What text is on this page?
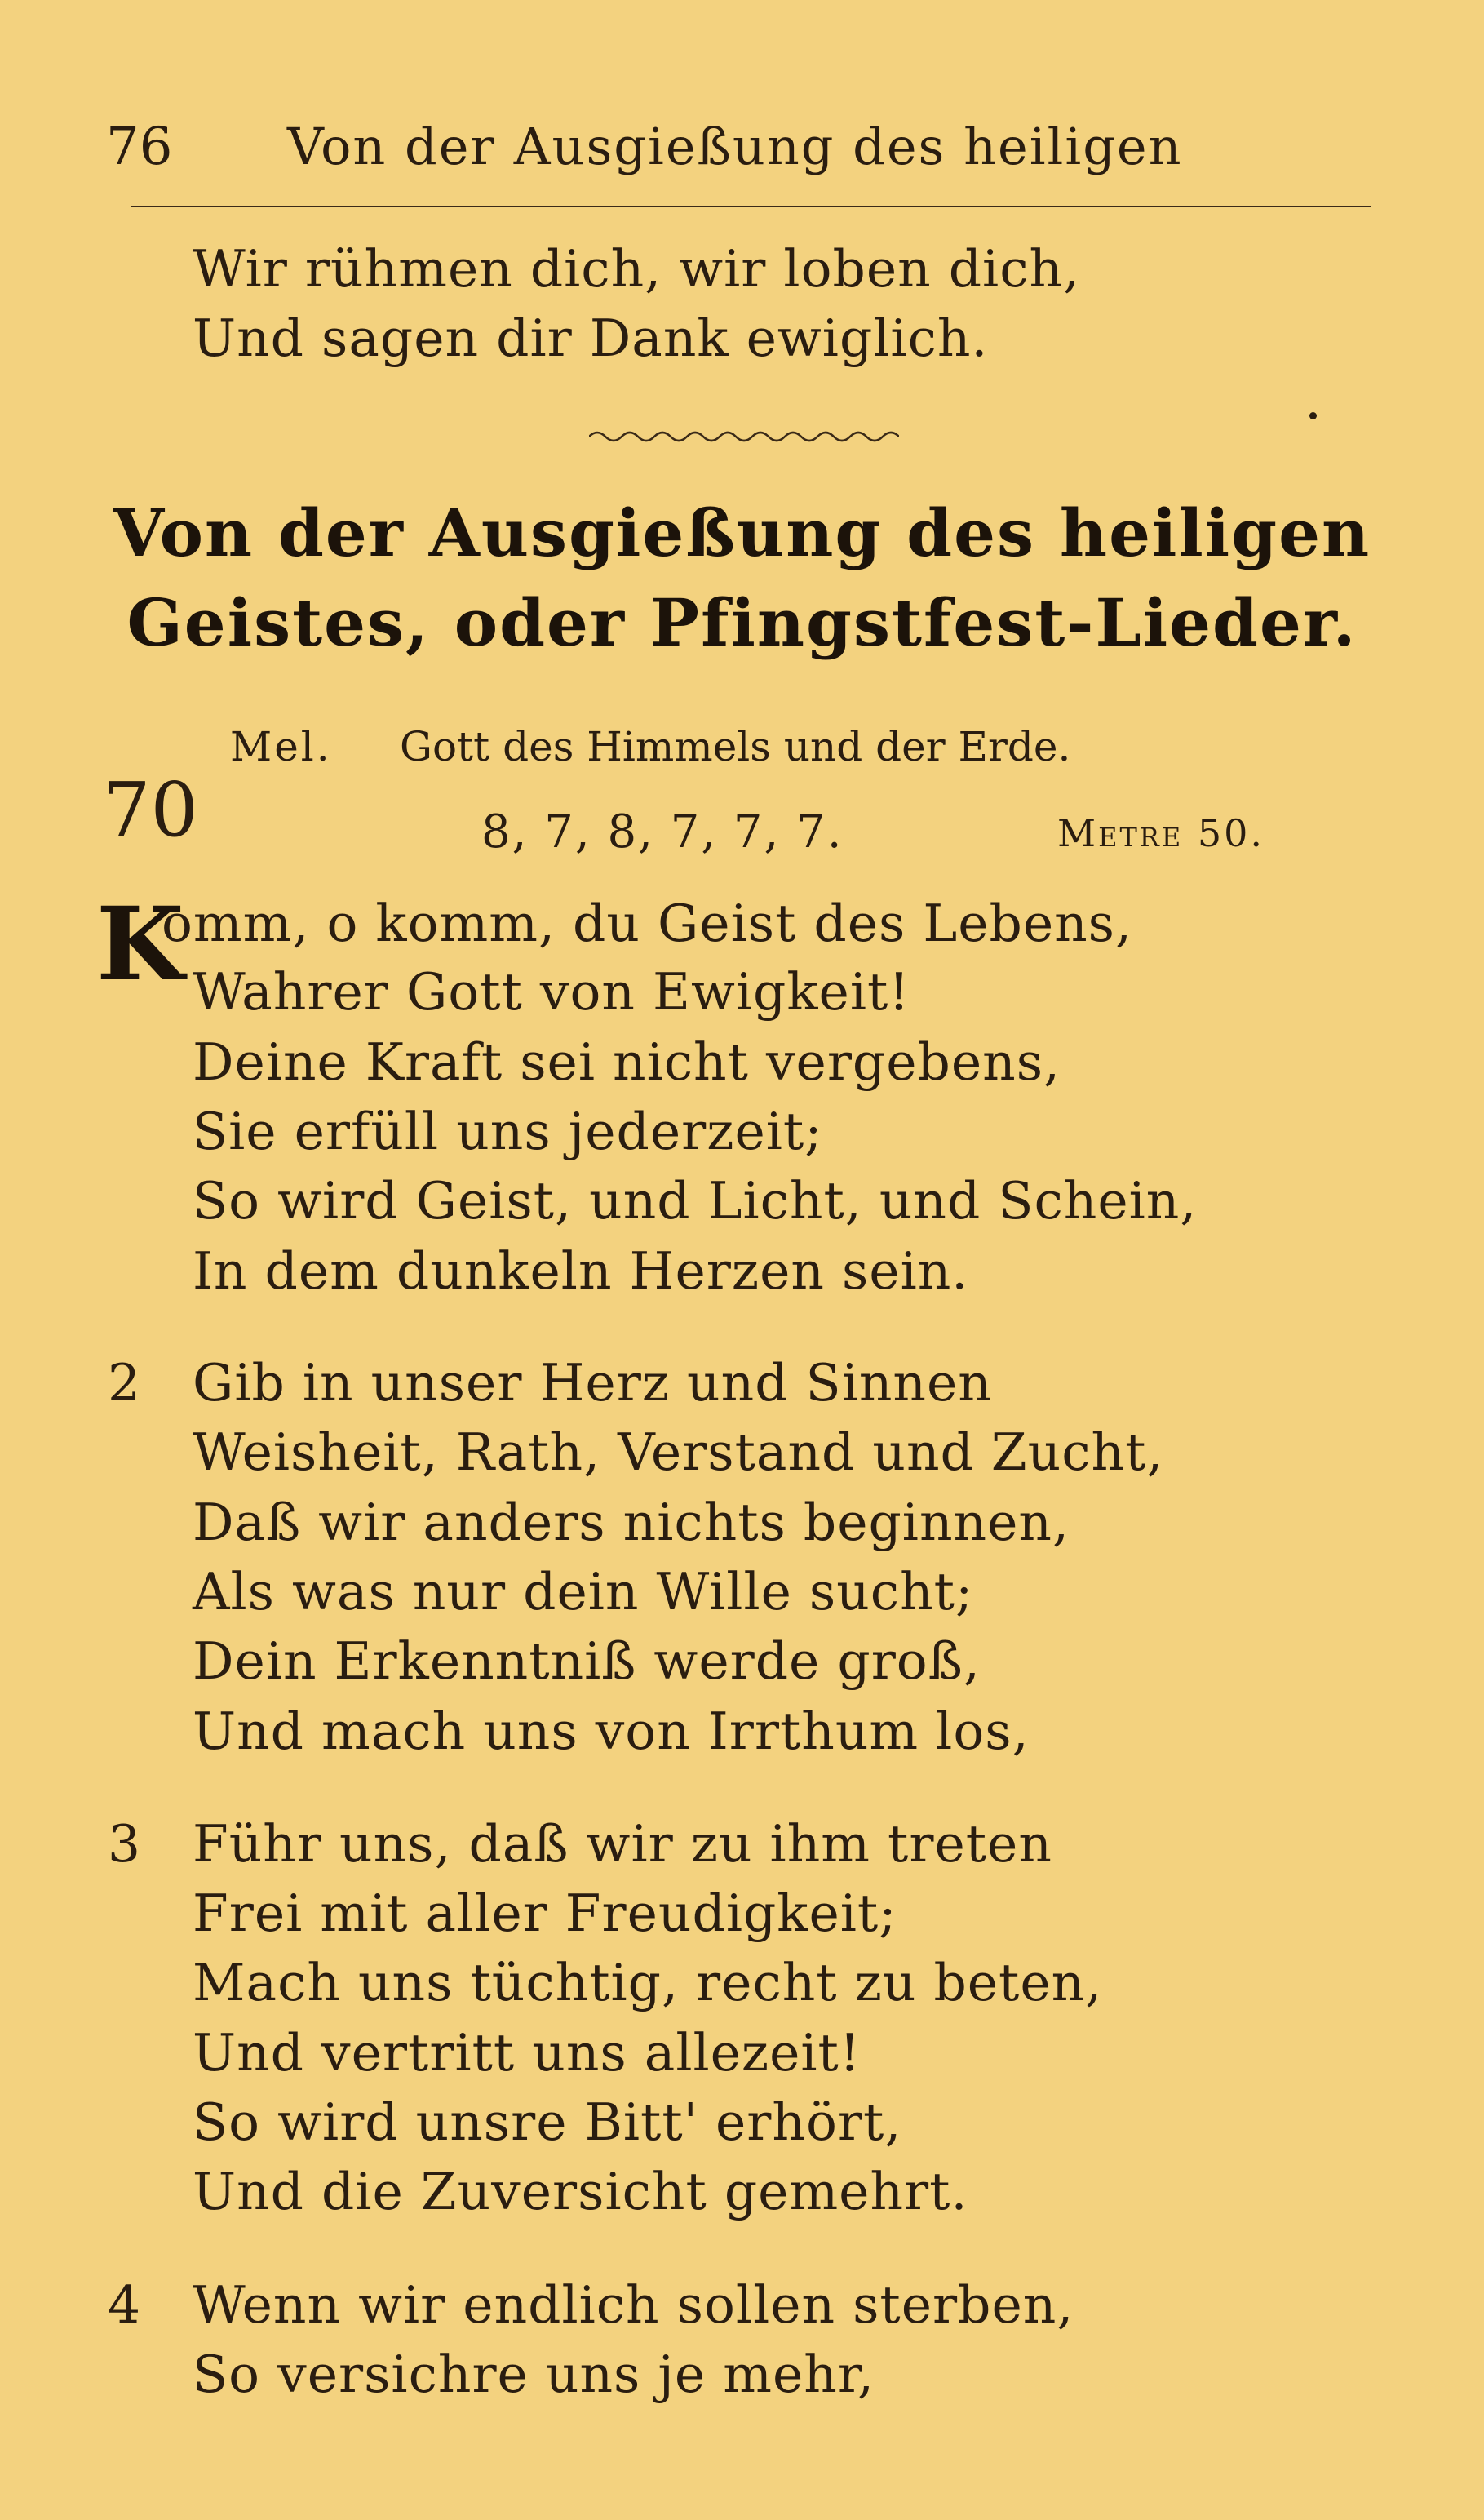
76 Von der Ausgießung des heiligen
Wir rühmen dich, wir loben dich,
Und sagen dir Dank ewiglich.
Von der Ausgießung des heiligen
Geistes, oder Pfingstfest-Lieder.
Mel. Gott des Himmels und der Erde.
70	8, 7, 8, 7, 7, 7.	Metre 50.
K
omm, o komm, du Geist des Lebens,
Wahrer Gott von Ewigkeit!
Deine Kraft sei nicht vergebens,
Sie erfüll uns jederzeit;
So wird Geist, und Licht, und Schein,
In dem dunkeln Herzen sein.
2 Gib in unser Herz und Sinnen
Weisheit, Rath, Verstand und Zucht,
Daß wir anders nichts beginnen,
Als was nur dein Wille sucht;
Dein Erkenntniß werde groß,
Und mach uns von Irrthum los,
3 Führ uns, daß wir zu ihm treten
Frei mit aller Freudigkeit;
Mach uns tüchtig, recht zu beten,
Und vertritt uns allezeit!
So wird unsre Bitt' erhört,
Und die Zuversicht gemehrt.
4 Wenn wir endlich sollen sterben,
So versichre uns je mehr,
